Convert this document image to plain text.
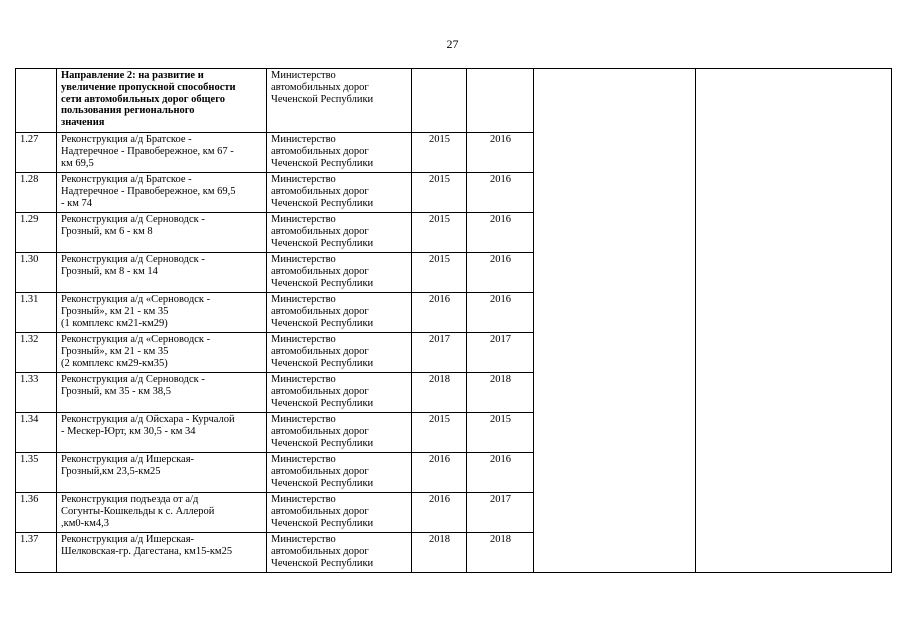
27
	Направление 2: на развитие и
увеличение пропускной способности
сети автомобильных дорог общего
пользования регионального
значения	Министерство
автомобильных дорог
Чеченской Республики					
1.27	Реконструкция а/д Братское -
Надтеречное - Правобережное, км 67 -
км 69,5	Министерство
автомобильных дорог
Чеченской Республики	2015	2016			
1.28	Реконструкция а/д Братское -
Надтеречное - Правобережное, км 69,5
- км 74	Министерство
автомобильных дорог
Чеченской Республики	2015	2016			
1.29	Реконструкция а/д Серноводск -
Грозный, км 6 - км 8	Министерство
автомобильных дорог
Чеченской Республики	2015	2016			
1.30	Реконструкция а/д Серноводск -
Грозный, км 8 - км 14	Министерство
автомобильных дорог
Чеченской Республики	2015	2016			
1.31	Реконструкция а/д «Серноводск -
Грозный», км 21 - км 35
(1 комплекс км21-км29)	Министерство
автомобильных дорог
Чеченской Республики	2016	2016			
1.32	Реконструкция а/д «Серноводск -
Грозный», км 21 - км 35
(2 комплекс км29-км35)	Министерство
автомобильных дорог
Чеченской Республики	2017	2017			
1.33	Реконструкция а/д Серноводск -
Грозный, км 35 - км 38,5	Министерство
автомобильных дорог
Чеченской Республики	2018	2018			
1.34	Реконструкция а/д Ойсхара - Курчалой
- Мескер-Юрт, км 30,5 - км 34	Министерство
автомобильных дорог
Чеченской Республики	2015	2015			
1.35	Реконструкция а/д Ишерская-
Грозный,км 23,5-км25	Министерство
автомобильных дорог
Чеченской Республики	2016	2016			
1.36	Реконструкция подъезда от а/д
Согунты-Кошкельды к с. Аллерой
,км0-км4,3	Министерство
автомобильных дорог
Чеченской Республики	2016	2017			
1.37	Реконструкция а/д Ишерская-
Шелковская-гр. Дагестана, км15-км25	Министерство
автомобильных дорог
Чеченской Республики	2018	2018			
